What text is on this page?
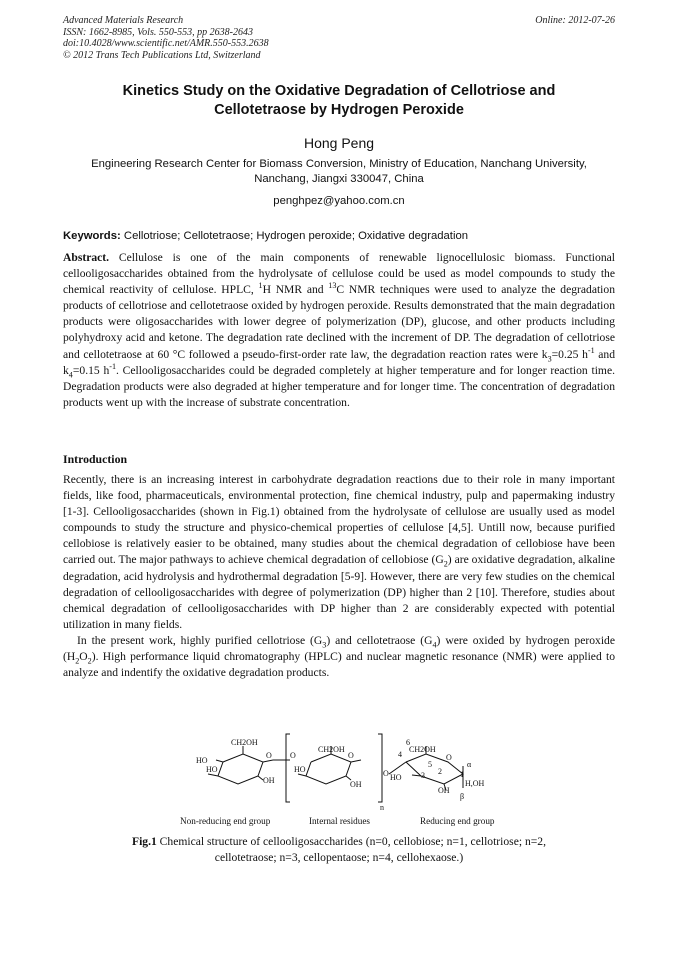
Advanced Materials Research
ISSN: 1662-8985, Vols. 550-553, pp 2638-2643
doi:10.4028/www.scientific.net/AMR.550-553.2638
© 2012 Trans Tech Publications Ltd, Switzerland
Online: 2012-07-26
Kinetics Study on the Oxidative Degradation of Cellotriose and
Cellotetraose by Hydrogen Peroxide
Hong Peng
Engineering Research Center for Biomass Conversion, Ministry of Education, Nanchang University,
Nanchang, Jiangxi 330047, China
penghpez@yahoo.com.cn
Keywords: Cellotriose; Cellotetraose; Hydrogen peroxide; Oxidative degradation
Abstract. Cellulose is one of the main components of renewable lignocellulosic biomass. Functional cellooligosaccharides obtained from the hydrolysate of cellulose could be used as model compounds to study the chemical reactivity of cellulose. HPLC, $^1$H NMR and $^{13}$C NMR techniques were used to analyze the degradation products of cellotriose and cellotetraose oxided by hydrogen peroxide. Results demonstrated that the main degradation products were oligosaccharides with lower degree of polymerization (DP), glucose, and other products including polyhydroxy acid and ketone. The degradation rate declined with the increment of DP. The degradation of cellotriose and cellotetraose at 60 °C followed a pseudo-first-order rate law, the degradation reaction rates were $k_3=0.25$ $h^{-1}$ and $k_4=0.15$ $h^{-1}$. Cellooligosaccharides could be degraded completely at higher temperature and for longer reaction time. Degradation products were also degraded at higher temperature and for longer time. The concentration of degradation products went up with the increase of substrate concentration.
Introduction

Recently, there is an increasing interest in carbohydrate degradation reactions due to their role in many important fields, like food, pharmaceuticals, environmental protection, fine chemical industry, pulp and papermaking industry [1-3]. Cellooligosaccharides (shown in Fig.1) obtained from the hydrolysate of cellulose are usually used as model compounds to study the structure and physico-chemical properties of cellulose [4,5]. Untill now, because purified cellobiose is relatively easier to be obtained, many studies about the chemical degradation of cellobiose have been carried out. The major pathways to achieve chemical degradation of cellobiose $(G_2)$ are oxidative degradation, alkaline degradation, acid hydrolysis and hydrothermal degradation [5-9]. However, there are very few studies on the chemical degradation of cellooligosaccharides with degree of polymerization (DP) higher than 2 [10]. Therefore, studies about chemical degradation of cellooligosaccharides with DP higher than 2 are considerably expected with potential utilization in many fields.

In the present work, highly purified cellotriose $(G_3)$ and cellotetraose $(G_4)$ were oxided by hydrogen peroxide $(H_2O_2)$. High performance liquid chromatography (HPLC) and nuclear magnetic resonance (NMR) were applied to analyze and indentify the oxidative degradation products.

CH2OH
HO
HO
OH
O
n
CH2OH
HO
OH
O	O
O
6
4
CH2OH
O
5
2
3
HO
OH
1
α
H,OH
β
Non-reducing end group	Internal residues	Reducing end group
Fig.1 Chemical structure of cellooligosaccharides (n=0, cellobiose; n=1, cellotriose; n=2,
cellotetraose; n=3, cellopentaose; n=4, cellohexaose.)
